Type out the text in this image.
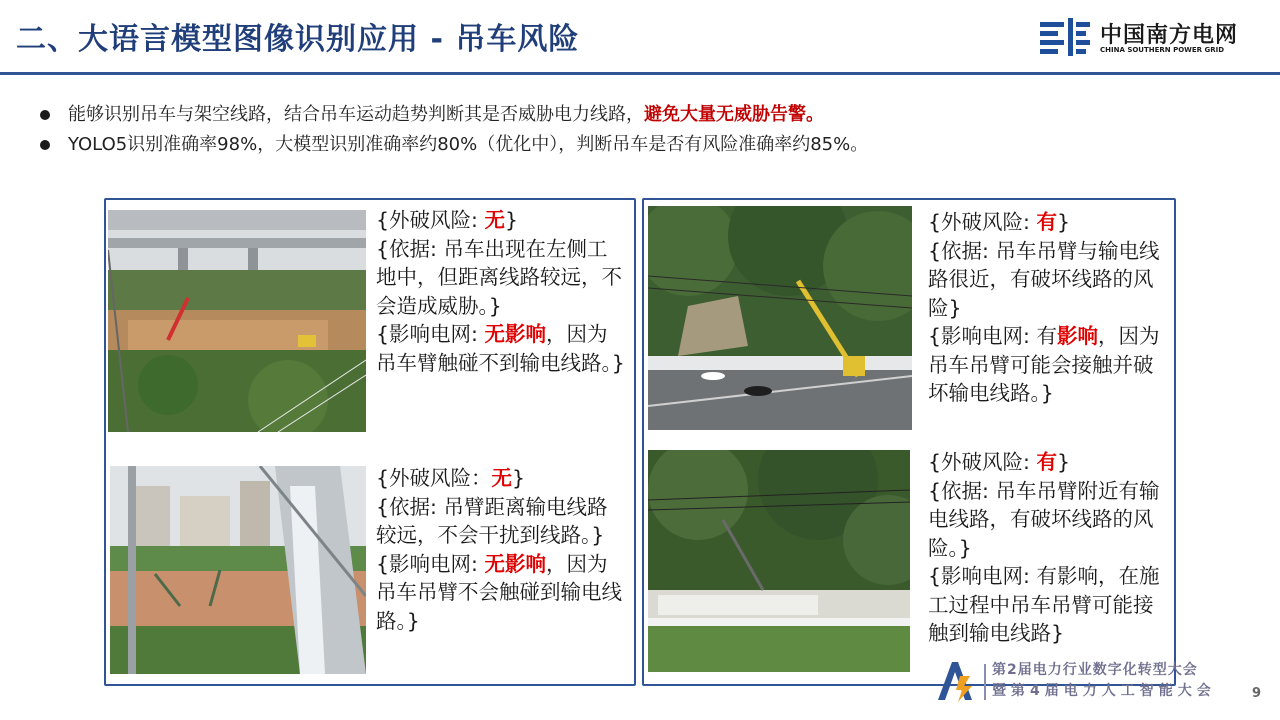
二、大语言模型图像识别应用 - 吊车风险	中国南方电网
CHINA SOUTHERN POWER GRID
能够识别吊车与架空线路，结合吊车运动趋势判断其是否威胁电力线路，避免大量无威胁告警。
YOLO5识别准确率98%，大模型识别准确率约80%（优化中），判断吊车是否有风险准确率约85%。
{外破风险: 无}
{依据: 吊车出现在左侧工地中，但距离线路较远，不会造成威胁。}
{影响电网: 无影响，因为吊车臂触碰不到输电线路。}
{外破风险：无}
{依据: 吊臂距离输电线路较远，不会干扰到线路。}
{影响电网: 无影响，因为吊车吊臂不会触碰到输电线路。}
{外破风险: 有}
{依据: 吊车吊臂与输电线路很近，有破坏线路的风险}
{影响电网: 有影响，因为吊车吊臂可能会接触并破坏输电线路。}
{外破风险: 有}
{依据: 吊车吊臂附近有输电线路，有破坏线路的风险。}
{影响电网: 有影响，在施工过程中吊车吊臂可能接触到输电线路}
第2届电力行业数字化转型大会
暨第4届电力人工智能大会	9
